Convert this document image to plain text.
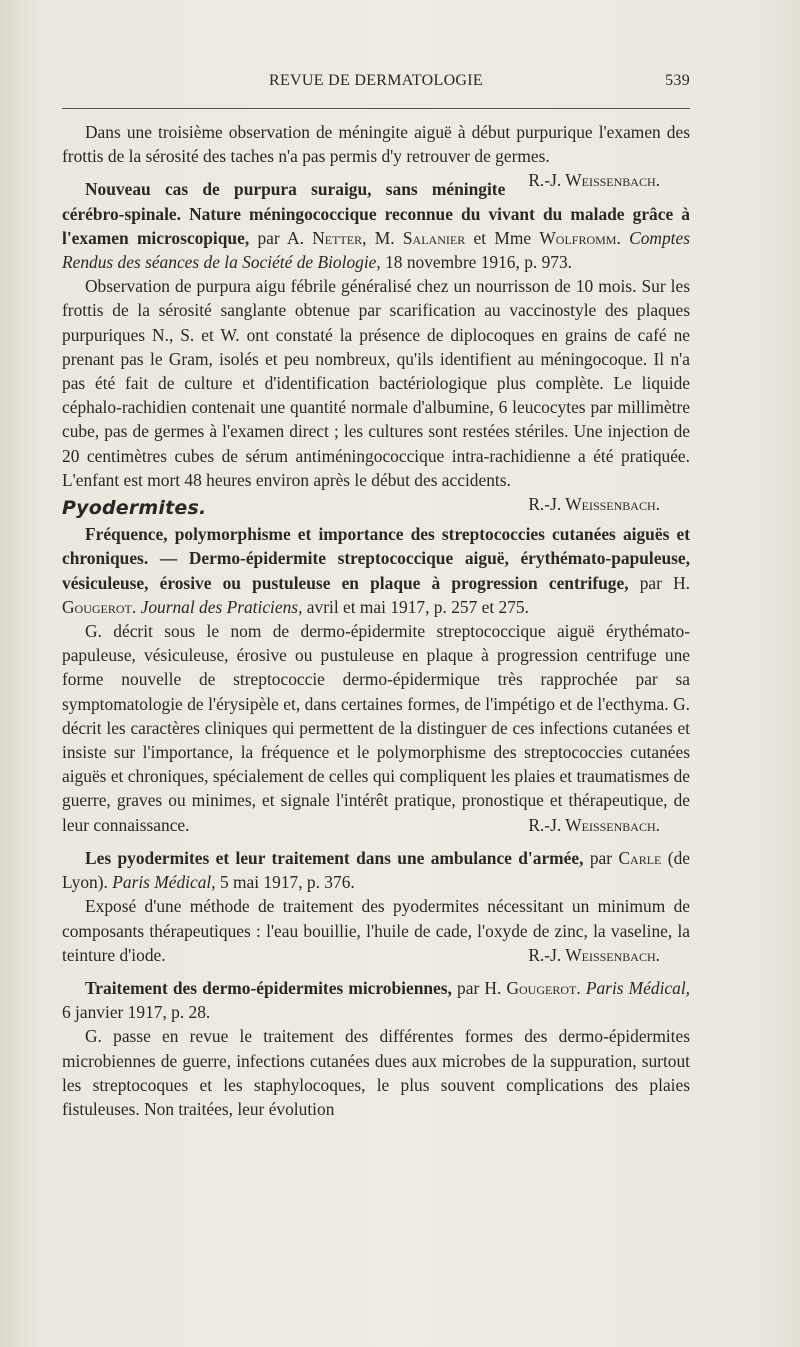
REVUE DE DERMATOLOGIE	539

Dans une troisième observation de méningite aiguë à début purpurique l'examen des frottis de la sérosité des taches n'a pas permis d'y retrouver de germes.
R.-J. Weissenbach.

Nouveau cas de purpura suraigu, sans méningite cérébro-spinale. Nature méningococcique reconnue du vivant du malade grâce à l'examen microscopique, par A. Netter, M. Salanier et Mme Wolfromm. Comptes Rendus des séances de la Société de Biologie, 18 novembre 1916, p. 973.

Observation de purpura aigu fébrile généralisé chez un nourrisson de 10 mois. Sur les frottis de la sérosité sanglante obtenue par scarification au vaccinostyle des plaques purpuriques N., S. et W. ont constaté la présence de diplocoques en grains de café ne prenant pas le Gram, isolés et peu nombreux, qu'ils identifient au méningocoque. Il n'a pas été fait de culture et d'identification bactériologique plus complète. Le liquide céphalo-rachidien contenait une quantité normale d'albumine, 6 leucocytes par millimètre cube, pas de germes à l'examen direct ; les cultures sont restées stériles. Une injection de 20 centimètres cubes de sérum antiméningococcique intra-rachidienne a été pratiquée. L'enfant est mort 48 heures environ après le début des accidents.
R.-J. Weissenbach.

Pyodermites.

Fréquence, polymorphisme et importance des streptococcies cutanées aiguës et chroniques. — Dermo-épidermite streptococcique aiguë, érythémato-papuleuse, vésiculeuse, érosive ou pustuleuse en plaque à progression centrifuge, par H. Gougerot. Journal des Praticiens, avril et mai 1917, p. 257 et 275.

G. décrit sous le nom de dermo-épidermite streptococcique aiguë érythémato-papuleuse, vésiculeuse, érosive ou pustuleuse en plaque à progression centrifuge une forme nouvelle de streptococcie dermo-épidermique très rapprochée par sa symptomatologie de l'érysipèle et, dans certaines formes, de l'impétigo et de l'ecthyma. G. décrit les caractères cliniques qui permettent de la distinguer de ces infections cutanées et insiste sur l'importance, la fréquence et le polymorphisme des streptococcies cutanées aiguës et chroniques, spécialement de celles qui compliquent les plaies et traumatismes de guerre, graves ou minimes, et signale l'intérêt pratique, pronostique et thérapeutique, de leur connaissance.	R.-J. Weissenbach.

Les pyodermites et leur traitement dans une ambulance d'armée, par Carle (de Lyon). Paris Médical, 5 mai 1917, p. 376.

Exposé d'une méthode de traitement des pyodermites nécessitant un minimum de composants thérapeutiques : l'eau bouillie, l'huile de cade, l'oxyde de zinc, la vaseline, la teinture d'iode.	R.-J. Weissenbach.

Traitement des dermo-épidermites microbiennes, par H. Gougerot. Paris Médical, 6 janvier 1917, p. 28.

G. passe en revue le traitement des différentes formes des dermo-épidermites microbiennes de guerre, infections cutanées dues aux microbes de la suppuration, surtout les streptocoques et les staphylocoques, le plus souvent complications des plaies fistuleuses. Non traitées, leur évolution
